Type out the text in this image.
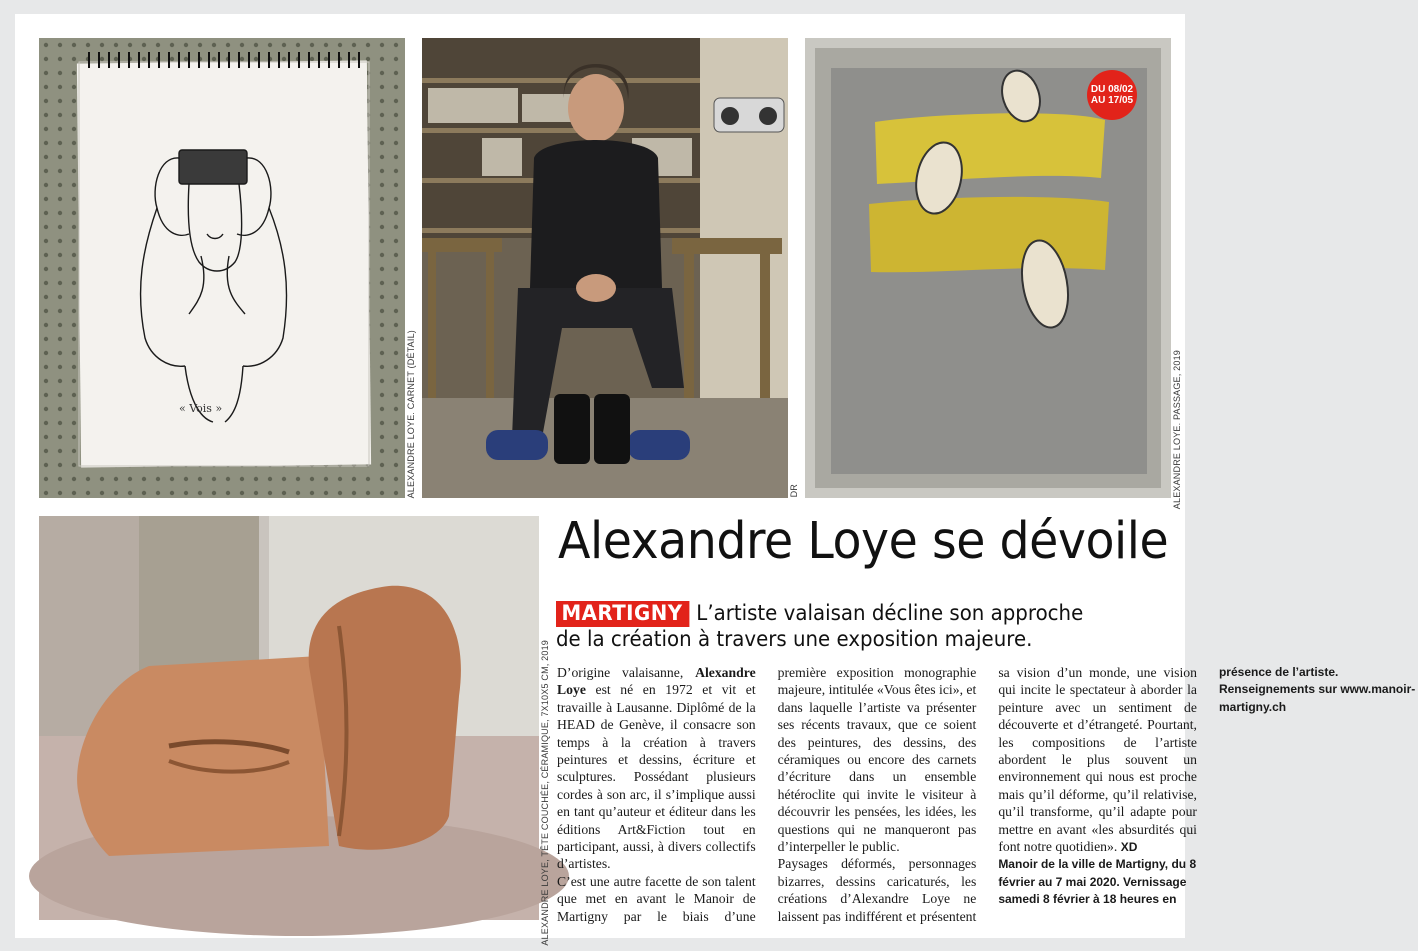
« Vois »	ALEXANDRE LOYE. CARNET (DÉTAIL)	DR	ALEXANDRE LOYE. PASSAGE, 2019
DU 08/02
AU 17/05
ALEXANDRE LOYE, TÊTE COUCHÉE, CÉRAMIQUE, 7X10X5 CM, 2019
Alexandre Loye se dévoile
MARTIGNY L’artiste valaisan décline son approche
de la création à travers une exposition majeure.

D’origine valaisanne, Alexandre Loye est né en 1972 et vit et travaille à Lausanne. Diplômé de la HEAD de Genève, il consacre son temps à la création à travers peintures et dessins, écriture et sculptures. Possédant plusieurs cordes à son arc, il s’implique aussi en tant qu’auteur et éditeur dans les éditions Art&Fiction tout en participant, aussi, à divers collectifs d’artistes.

C’est une autre facette de son talent que met en avant le Manoir de Martigny par le biais d’une première exposition monographie majeure, intitulée «Vous êtes ici», et dans laquelle l’artiste va présenter ses récents travaux, que ce soient des peintures, des dessins, des céramiques ou encore des carnets d’écriture dans un ensemble hétéroclite qui invite le visiteur à découvrir les pensées, les idées, les questions qui ne manqueront pas d’interpeller le public.

Paysages déformés, personnages bizarres, dessins caricaturés, les créations d’Alexandre Loye ne laissent pas indifférent et présentent sa vision d’un monde, une vision qui incite le spectateur à aborder la peinture avec un sentiment de découverte et d’étrangeté. Pourtant, les compositions de l’artiste abordent le plus souvent un environnement qui nous est proche mais qu’il déforme, qu’il relativise, qu’il transforme, qu’il adapte pour mettre en avant «les absurdités qui font notre quotidien». XD

Manoir de la ville de Martigny, du 8 février au 7 mai 2020. Vernissage samedi 8 février à 18 heures en présence de l’artiste. Renseignements sur www.manoir-martigny.ch
